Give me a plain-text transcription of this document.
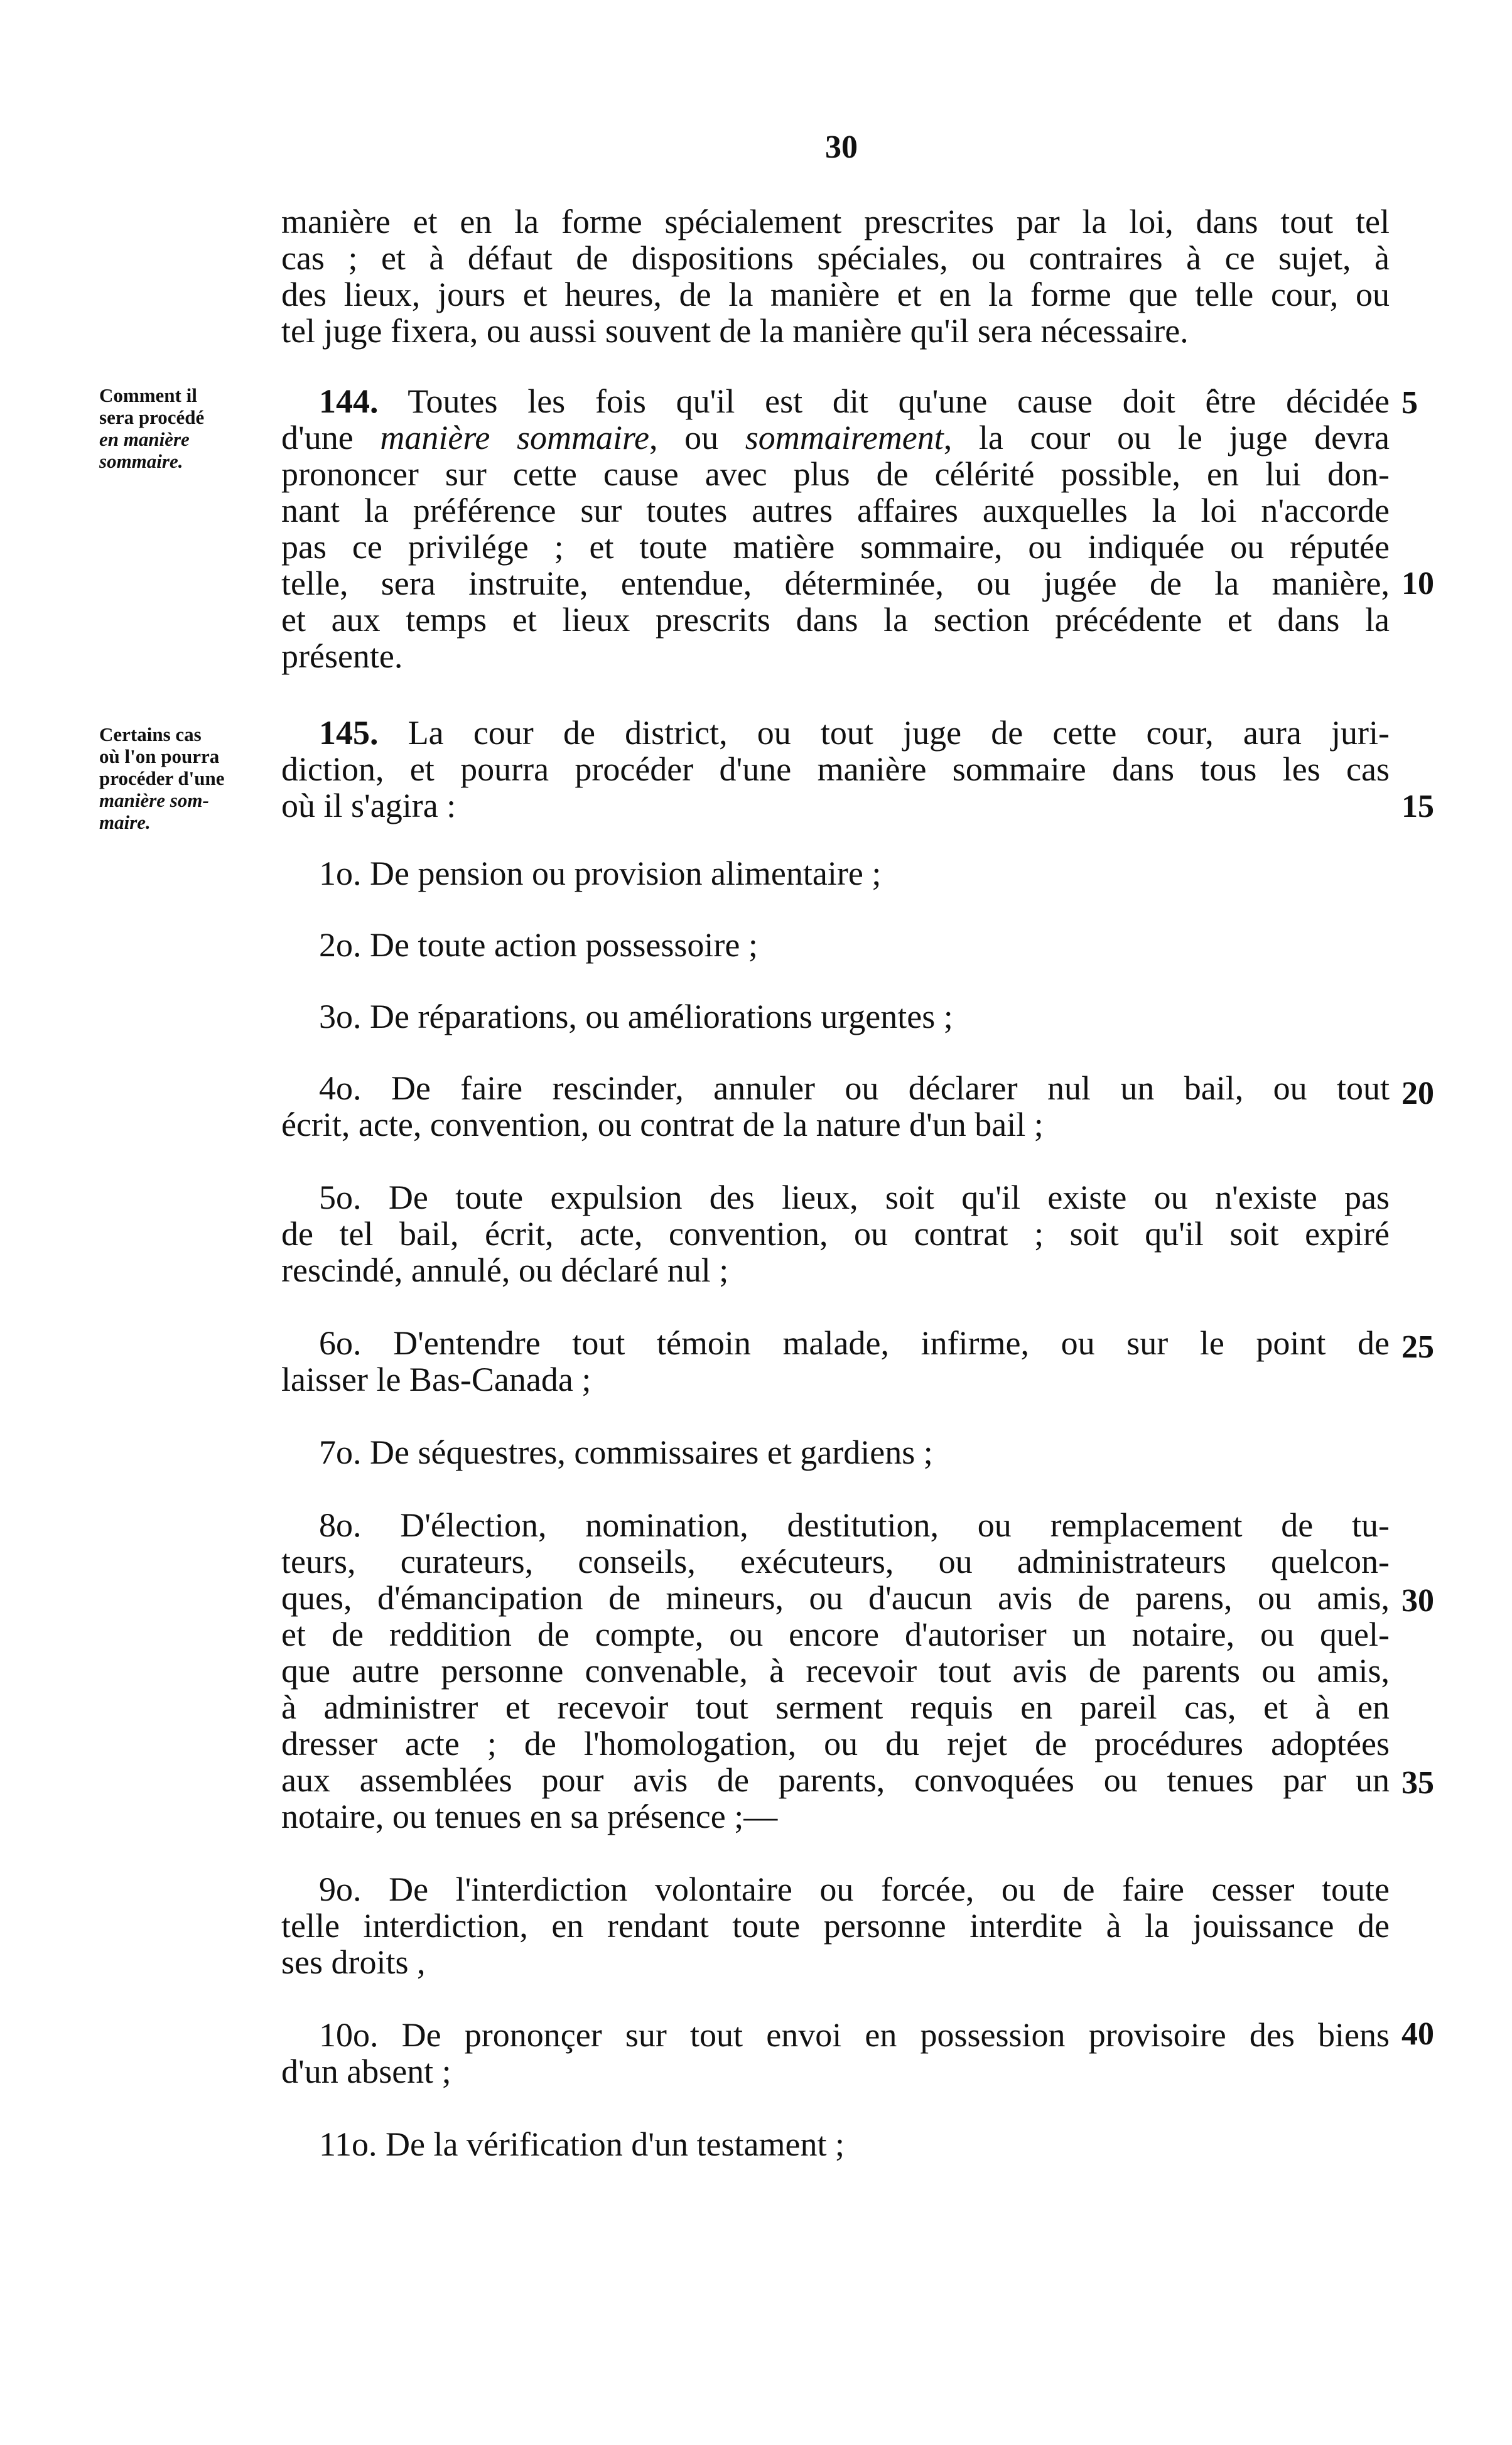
30
Comment il
sera procédé
en manière
sommaire.
Certains cas
où l'on pourra
procéder d'une
manière som-
maire.
5
10
15
20
25
30
35
40
manière et en la forme spécialement prescrites par la loi, dans tout tel
cas ; et à défaut de dispositions spéciales, ou contraires à ce sujet, à
des lieux, jours et heures, de la manière et en la forme que telle cour, ou
tel juge fixera, ou aussi souvent de la manière qu'il sera nécessaire.
144. Toutes les fois qu'il est dit qu'une cause doit être décidée
d'une manière sommaire, ou sommairement, la cour ou le juge devra
prononcer sur cette cause avec plus de célérité possible, en lui don-
nant la préférence sur toutes autres affaires auxquelles la loi n'accorde
pas ce privilége ; et toute matière sommaire, ou indiquée ou réputée
telle, sera instruite, entendue, déterminée, ou jugée de la manière,
et aux temps et lieux prescrits dans la section précédente et dans la
présente.
145. La cour de district, ou tout juge de cette cour, aura juri-
diction, et pourra procéder d'une manière sommaire dans tous les cas
où il s'agira :
1o. De pension ou provision alimentaire ;
2o. De toute action possessoire ;
3o. De réparations, ou améliorations urgentes ;
4o. De faire rescinder, annuler ou déclarer nul un bail, ou tout
écrit, acte, convention, ou contrat de la nature d'un bail ;
5o. De toute expulsion des lieux, soit qu'il existe ou n'existe pas
de tel bail, écrit, acte, convention, ou contrat ; soit qu'il soit expiré
rescindé, annulé, ou déclaré nul ;
6o. D'entendre tout témoin malade, infirme, ou sur le point de
laisser le Bas-Canada ;
7o. De séquestres, commissaires et gardiens ;
8o. D'élection, nomination, destitution, ou remplacement de tu-
teurs, curateurs, conseils, exécuteurs, ou administrateurs quelcon-
ques, d'émancipation de mineurs, ou d'aucun avis de parens, ou amis,
et de reddition de compte, ou encore d'autoriser un notaire, ou quel-
que autre personne convenable, à recevoir tout avis de parents ou amis,
à administrer et recevoir tout serment requis en pareil cas, et à en
dresser acte ; de l'homologation, ou du rejet de procédures adoptées
aux assemblées pour avis de parents, convoquées ou tenues par un
notaire, ou tenues en sa présence ;—
9o. De l'interdiction volontaire ou forcée, ou de faire cesser toute
telle interdiction, en rendant toute personne interdite à la jouissance de
ses droits ,
10o. De prononçer sur tout envoi en possession provisoire des biens
d'un absent ;
11o. De la vérification d'un testament ;
